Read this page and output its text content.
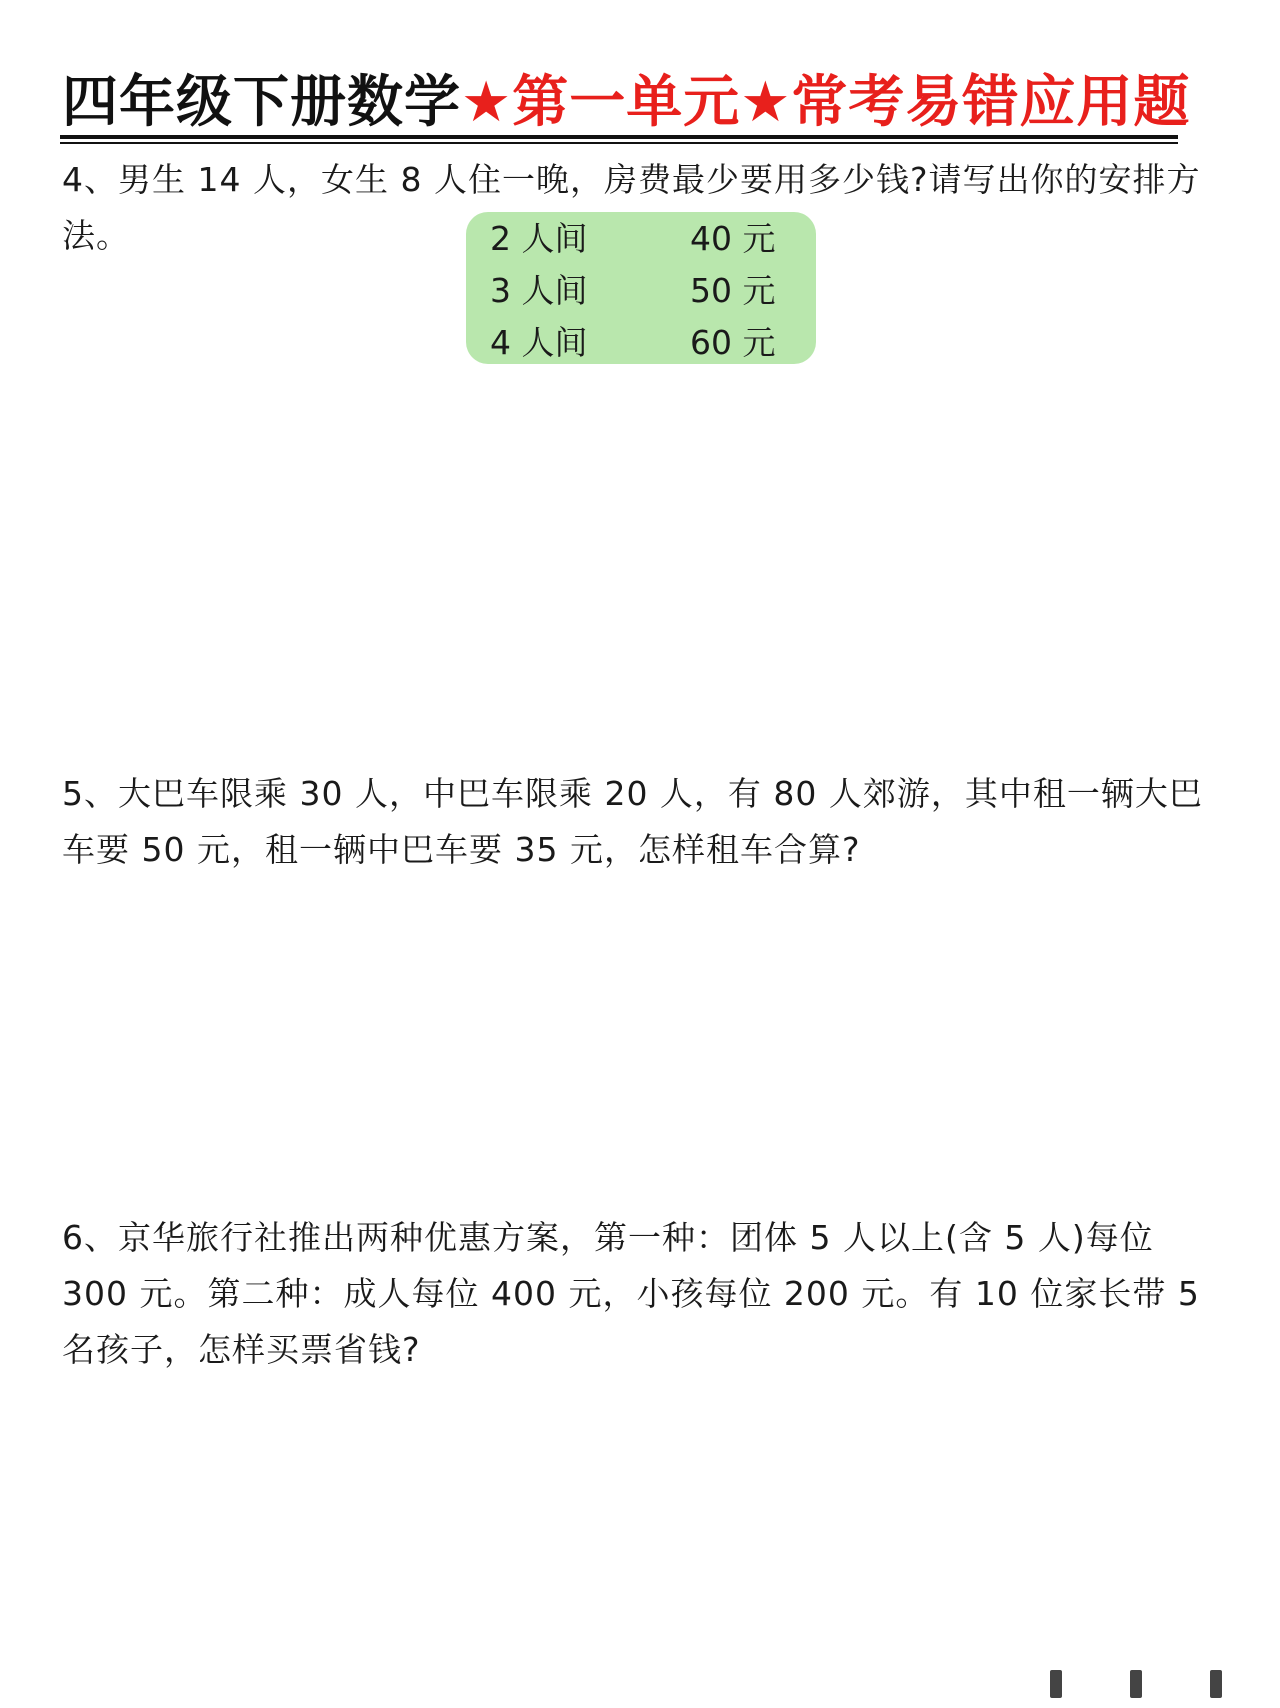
四年级下册数学★第一单元★常考易错应用题
4、男生 14 人，女生 8 人住一晚，房费最少要用多少钱?请写出你的安排方法。	2 人间	40 元
3 人间	50 元
4 人间	60 元
5、大巴车限乘 30 人，中巴车限乘 20 人，有 80 人郊游，其中租一辆大巴车要 50 元，租一辆中巴车要 35 元，怎样租车合算?
6、京华旅行社推出两种优惠方案，第一种：团体 5 人以上(含 5 人)每位 300 元。第二种：成人每位 400 元，小孩每位 200 元。有 10 位家长带 5 名孩子，怎样买票省钱?
